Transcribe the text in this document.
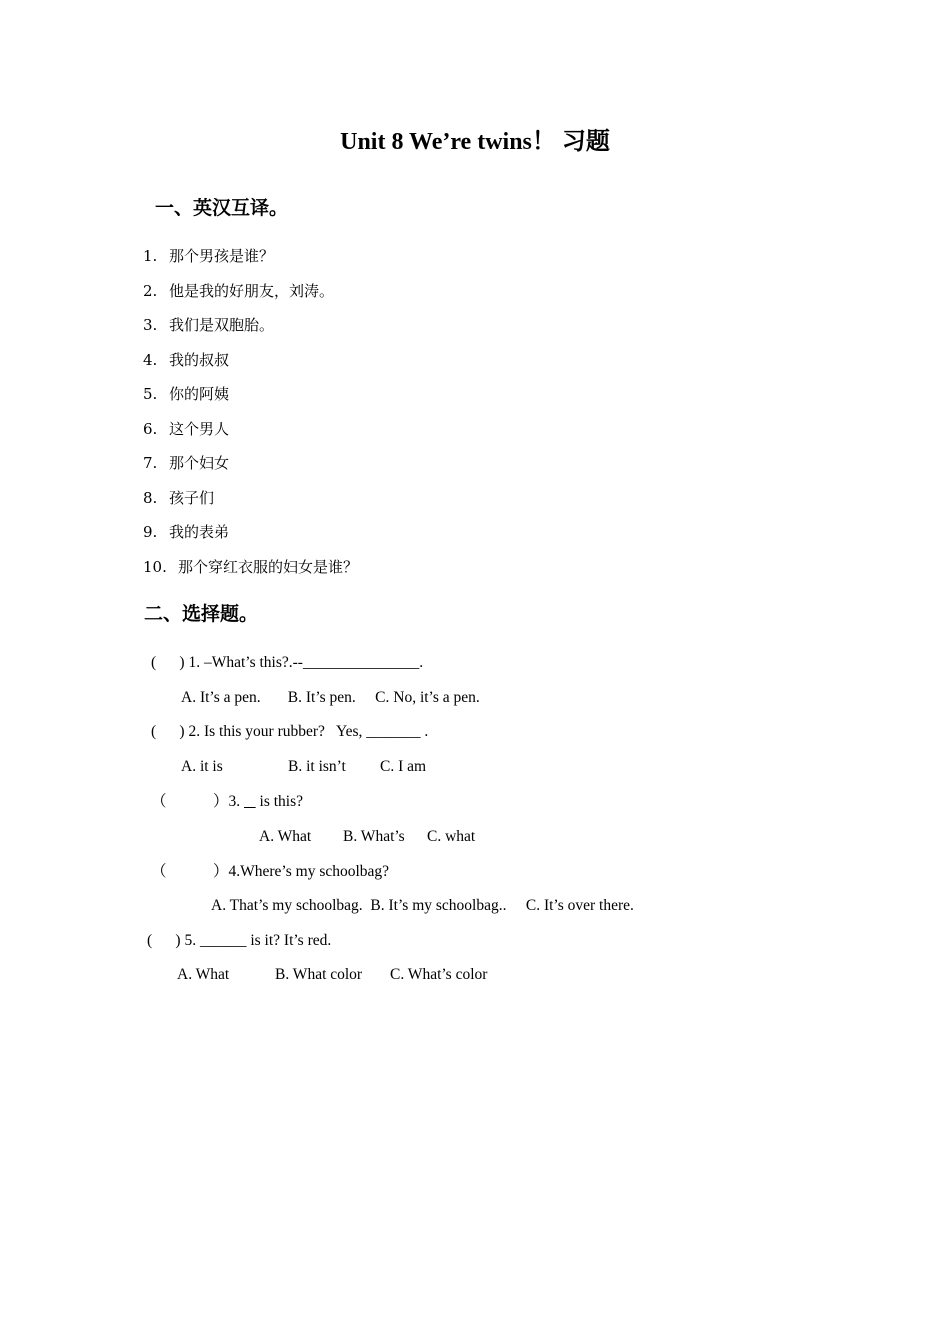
Unit 8 We’re twins！ 习题
一、英汉互译。
1. 那个男孩是谁？
2. 他是我的好朋友，刘涛。
3. 我们是双胞胎。
4. 我的叔叔
5. 你的阿姨
6. 这个男人
7. 那个妇女
8. 孩子们
9. 我的表弟
10. 那个穿红衣服的妇女是谁？
二、选择题。
(      ) 1. –What’s this?.--_______________.
A. It’s a pen.       B. It’s pen.     C. No, it’s a pen.
(      ) 2. Is this your rubber?   Yes, _______ .
A. it is	B. it isn’t C. I am
（            ）3. is this?
A. What B. What’s C. what
（            ）4.Where’s my schoolbag?
A. That’s my schoolbag.  B. It’s my schoolbag..     C. It’s over there.
(      ) 5. ______ is it? It’s red.
A. What	B. What color C. What’s color
